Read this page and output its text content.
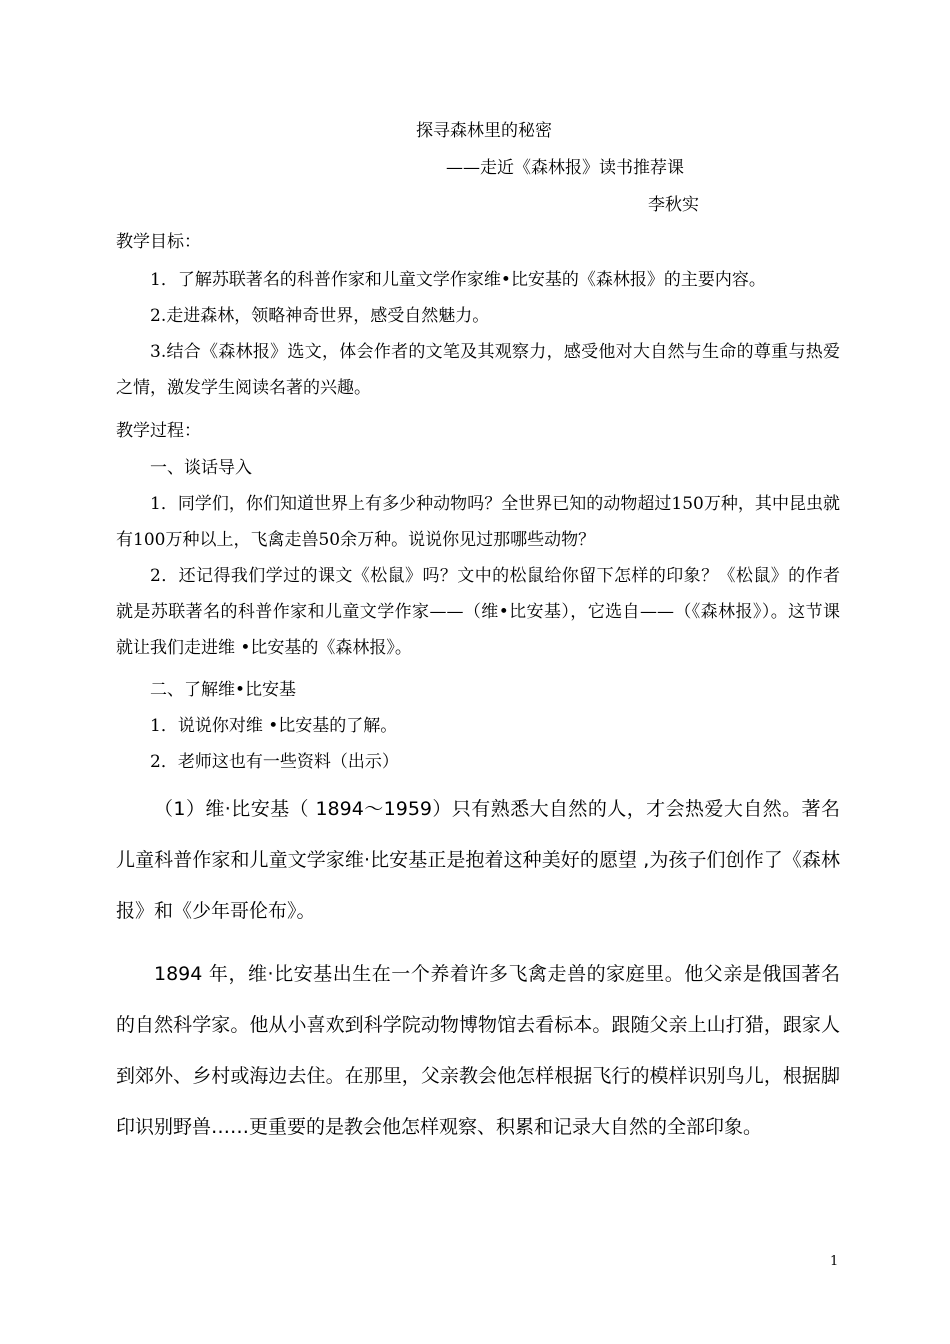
探寻森林里的秘密
——走近《森林报》读书推荐课
李秋实
教学目标：
1．了解苏联著名的科普作家和儿童文学作家维•比安基的《森林报》的主要内容。
2.走进森林，领略神奇世界，感受自然魅力。
3.结合《森林报》选文，体会作者的文笔及其观察力，感受他对大自然与生命的尊重与热爱之情，激发学生阅读名著的兴趣。
教学过程：
一、谈话导入
1．同学们，你们知道世界上有多少种动物吗？全世界已知的动物超过150万种，其中昆虫就有100万种以上，飞禽走兽50余万种。说说你见过那哪些动物？
2．还记得我们学过的课文《松鼠》吗？文中的松鼠给你留下怎样的印象？《松鼠》的作者就是苏联著名的科普作家和儿童文学作家——（维•比安基），它选自——（《森林报》）。这节课就让我们走进维 •比安基的《森林报》。
二、了解维•比安基
1．说说你对维 •比安基的了解。
2．老师这也有一些资料（出示）
（1）维·比安基（ 1894～1959）只有熟悉大自然的人，才会热爱大自然。著名儿童科普作家和儿童文学家维·比安基正是抱着这种美好的愿望 ,为孩子们创作了《森林报》和《少年哥伦布》。
1894 年，维·比安基出生在一个养着许多飞禽走兽的家庭里。他父亲是俄国著名的自然科学家。他从小喜欢到科学院动物博物馆去看标本。跟随父亲上山打猎，跟家人到郊外、乡村或海边去住。在那里，父亲教会他怎样根据飞行的模样识别鸟儿，根据脚印识别野兽……更重要的是教会他怎样观察、积累和记录大自然的全部印象。
1
